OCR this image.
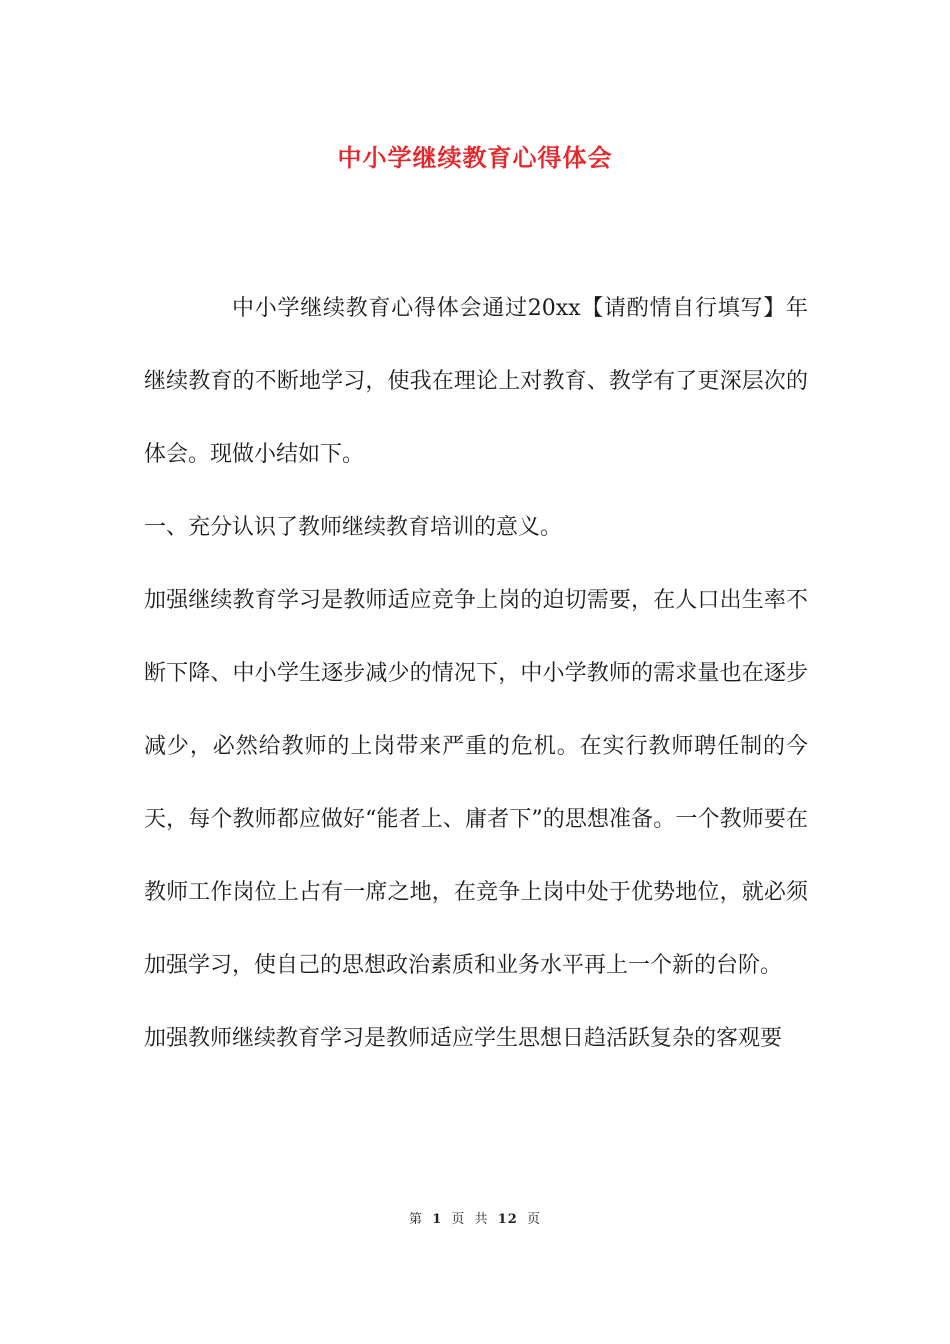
中小学继续教育心得体会

中小学继续教育心得体会通过20xx【请酌情自行填写】年继续教育的不断地学习，使我在理论上对教育、教学有了更深层次的体会。现做小结如下。

一、充分认识了教师继续教育培训的意义。

加强继续教育学习是教师适应竞争上岗的迫切需要，在人口出生率不断下降、中小学生逐步减少的情况下，中小学教师的需求量也在逐步减少，必然给教师的上岗带来严重的危机。在实行教师聘任制的今天，每个教师都应做好“能者上、庸者下”的思想准备。一个教师要在教师工作岗位上占有一席之地，在竞争上岗中处于优势地位，就必须加强学习，使自己的思想政治素质和业务水平再上一个新的台阶。

加强教师继续教育学习是教师适应学生思想日趋活跃复杂的客观要

第 1 页 共 12 页
